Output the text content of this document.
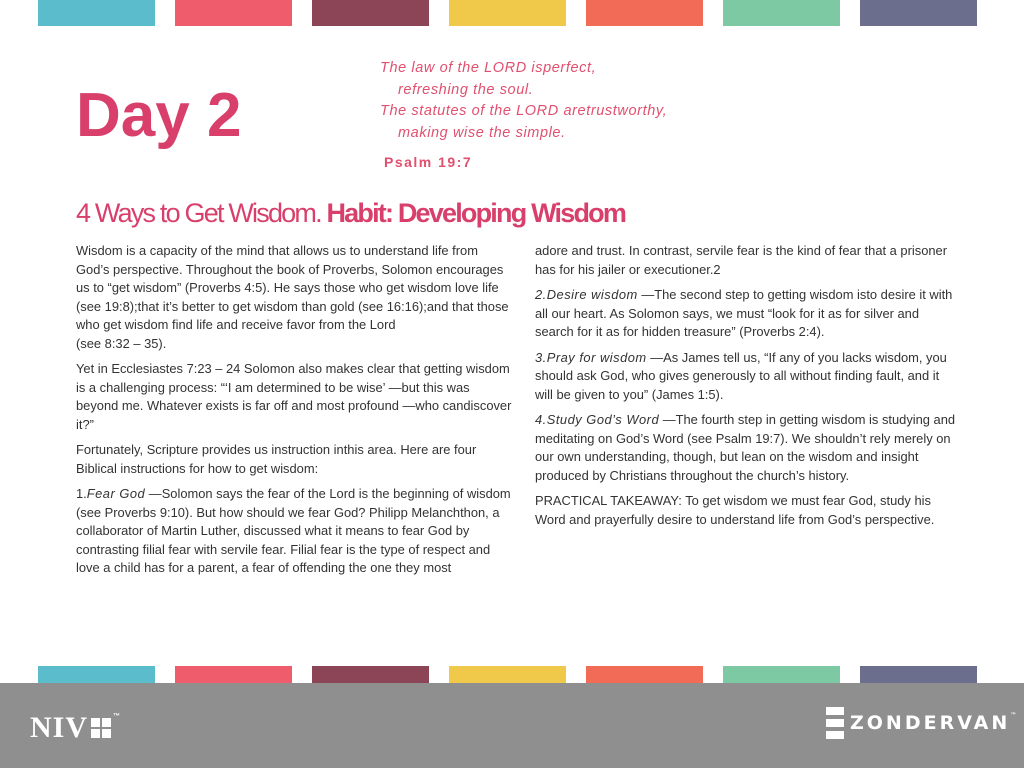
Day 2
The law of the LORD isperfect,
refreshing the soul.
The statutes of the LORD aretrustworthy,
making wise the simple.
Psalm 19:7
4 Ways to Get Wisdom. Habit: Developing Wisdom

Wisdom is a capacity of the mind that allows us to understand life from God’s perspective. Throughout the book of Proverbs, Solomon encourages us to “get wisdom” (Proverbs 4:5). He says those who get wisdom love life (see 19:8);that it’s better to get wisdom than gold (see 16:16);and that those who get wisdom find life and receive favor from the Lord
(see 8:32 – 35).

Yet in Ecclesiastes 7:23 – 24 Solomon also makes clear that getting wisdom is a challenging process: “‘I am determined to be wise’ —but this was beyond me. Whatever exists is far off and most profound —who candiscover it?”

Fortunately, Scripture provides us instruction inthis area. Here are four Biblical instructions for how to get wisdom:

1.Fear God —Solomon says the fear of the Lord is the beginning of wisdom (see Proverbs 9:10). But how should we fear God? Philipp Melanchthon, a collaborator of Martin Luther, discussed what it means to fear God by contrasting filial fear with servile fear. Filial fear is the type of respect and love a child has for a parent, a fear of offending the one they most

adore and trust. In contrast, servile fear is the kind of fear that a prisoner has for his jailer or executioner.2

2.Desire wisdom —The second step to getting wisdom isto desire it with all our heart. As Solomon says, we must “look for it as for silver and search for it as for hidden treasure” (Proverbs 2:4).

3.Pray for wisdom —As James tell us, “If any of you lacks wisdom, you should ask God, who gives generously to all without finding fault, and it will be given to you” (James 1:5).

4.Study God’s Word —The fourth step in getting wisdom is studying and meditating on God’s Word (see Psalm 19:7). We shouldn’t rely merely on our own understanding, though, but lean on the wisdom and insight produced by Christians throughout the church’s history.

PRACTICAL TAKEAWAY: To get wisdom we must fear God, study his Word and prayerfully desire to understand life from God’s perspective.

NIV	™	ZONDERVAN™
